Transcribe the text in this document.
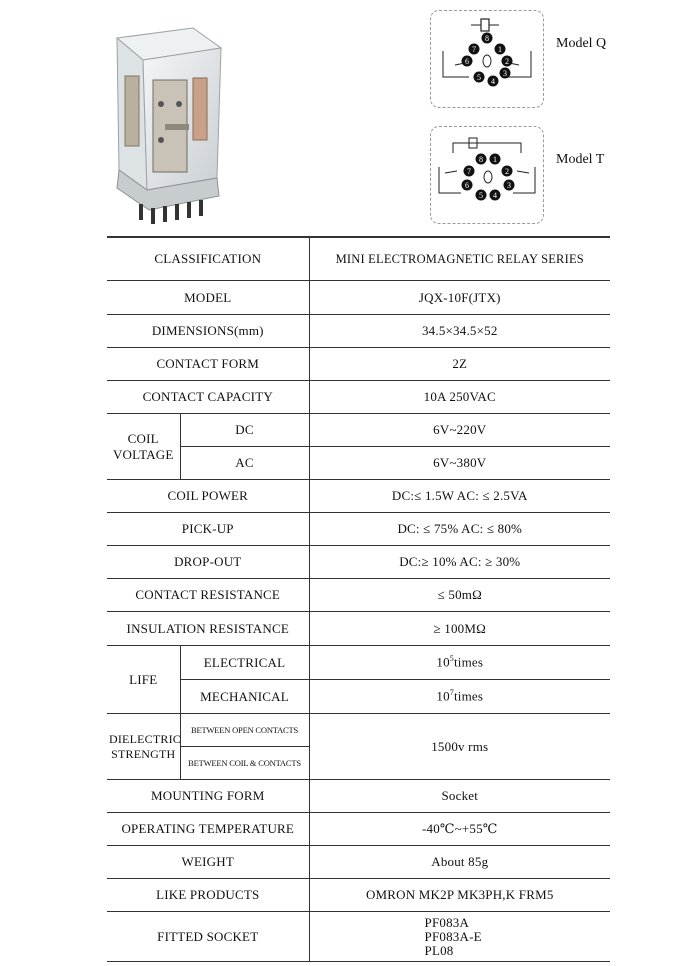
7
8
1
2
6
3
4
5
Model Q
8 1
7	2
6	3
5 4
Model T
CLASSIFICATION		MINI ELECTROMAGNETIC RELAY SERIES
MODEL		JQX-10F(JTX)
DIMENSIONS(mm)		34.5×34.5×52
CONTACT FORM		2Z
CONTACT CAPACITY		10A 250VAC

COIL
VOLTAGE	DC	6V~220V
	AC	6V~380V
COIL POWER		DC:≤ 1.5W AC: ≤ 2.5VA
PICK-UP		DC: ≤ 75% AC: ≤ 80%
DROP-OUT		DC:≥ 10% AC: ≥ 30%
CONTACT RESISTANCE		≤ 50mΩ
INSULATION RESISTANCE		≥ 100MΩ
LIFE	ELECTRICAL	$10^5times$
	MECHANICAL	$10^7times$

DIELECTRIC
STRENGTH	BETWEEN OPEN CONTACTS	1500v rms
	BETWEEN COIL & CONTACTS	
MOUNTING FORM		Socket
OPERATING TEMPERATURE		-40℃~+55℃
WEIGHT		About 85g
LIKE PRODUCTS		OMRON MK2P MK3PH,K FRM5
FITTED SOCKET		PF083A
PF083A-E
PL08
